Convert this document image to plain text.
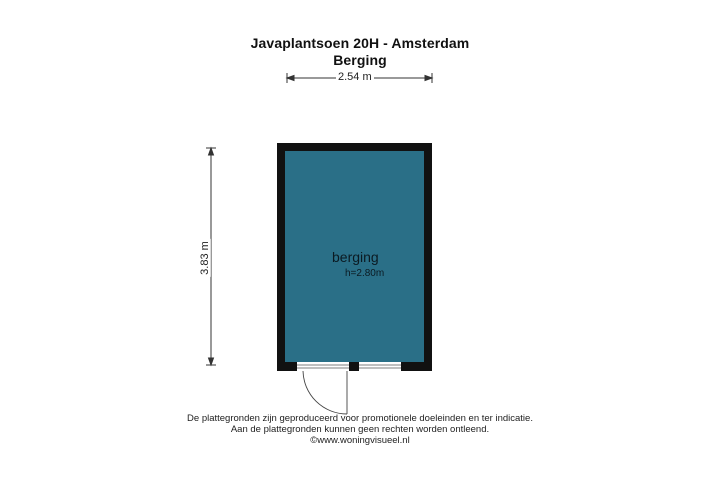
Javaplantsoen 20H - Amsterdam
Berging
2.54 m
3.83 m	berging
h=2.80m
De plattegronden zijn geproduceerd voor promotionele doeleinden en ter indicatie.
Aan de plattegronden kunnen geen rechten worden ontleend.
©www.woningvisueel.nl
